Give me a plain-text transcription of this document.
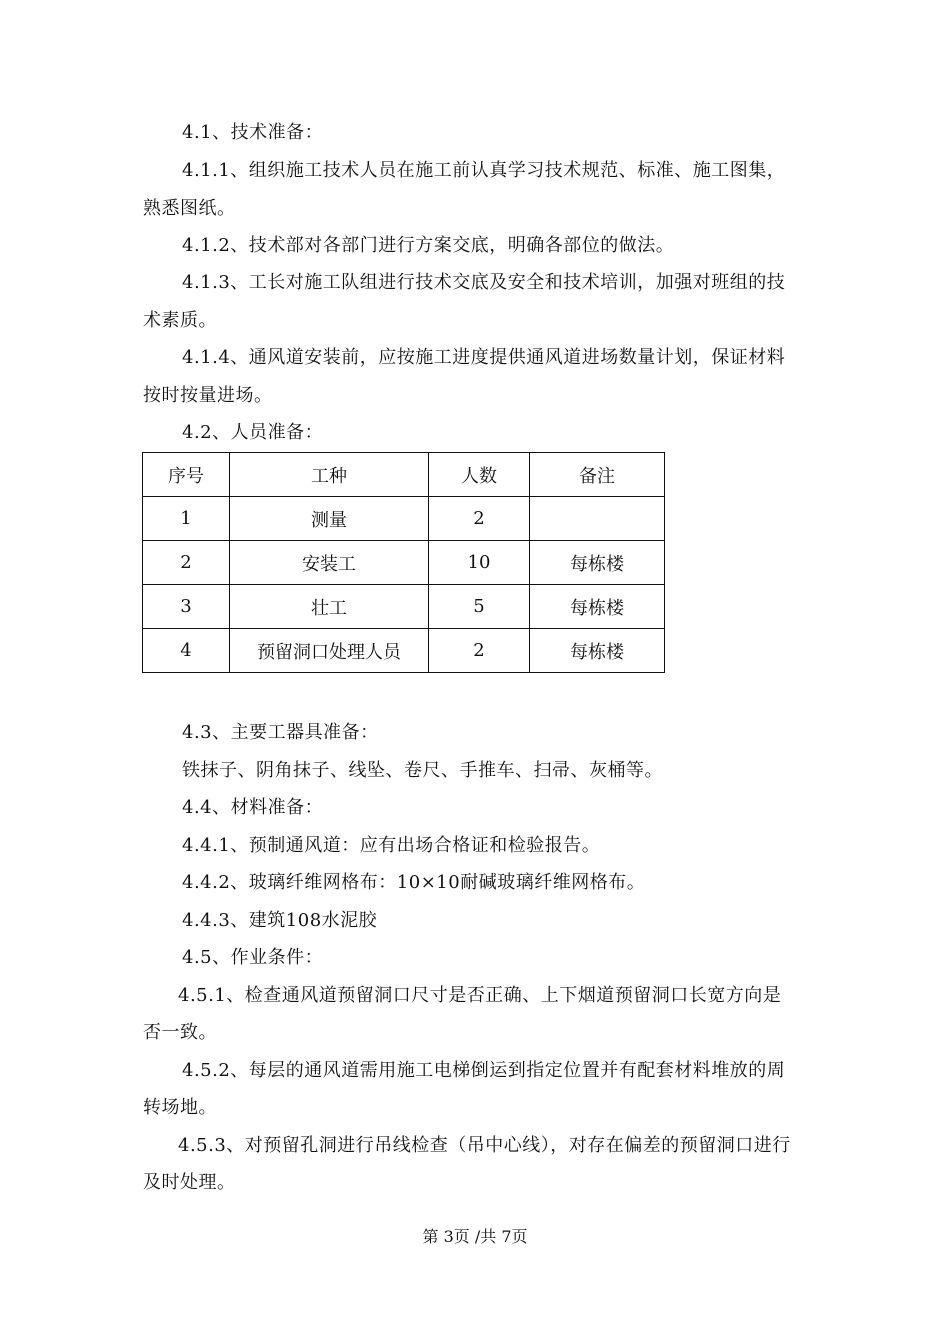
4.1、技术准备：
4.1.1、组织施工技术人员在施工前认真学习技术规范、标准、施工图集，
熟悉图纸。
4.1.2、技术部对各部门进行方案交底，明确各部位的做法。
4.1.3、工长对施工队组进行技术交底及安全和技术培训，加强对班组的技
术素质。
4.1.4、通风道安装前，应按施工进度提供通风道进场数量计划，保证材料
按时按量进场。
4.2、人员准备：
序号	工种	人数	备注
1	测量	2	
2	安装工	10	每栋楼
3	壮工	5	每栋楼
4	预留洞口处理人员	2	每栋楼
4.3、主要工器具准备：
铁抹子、阴角抹子、线坠、卷尺、手推车、扫帚、灰桶等。
4.4、材料准备：
4.4.1、预制通风道：应有出场合格证和检验报告。
4.4.2、玻璃纤维网格布：10×10耐碱玻璃纤维网格布。
4.4.3、建筑108水泥胶
4.5、作业条件：
4.5.1、检查通风道预留洞口尺寸是否正确、上下烟道预留洞口长宽方向是
否一致。
4.5.2、每层的通风道需用施工电梯倒运到指定位置并有配套材料堆放的周
转场地。
4.5.3、对预留孔洞进行吊线检查（吊中心线），对存在偏差的预留洞口进行
及时处理。
第 3页 /共 7页
